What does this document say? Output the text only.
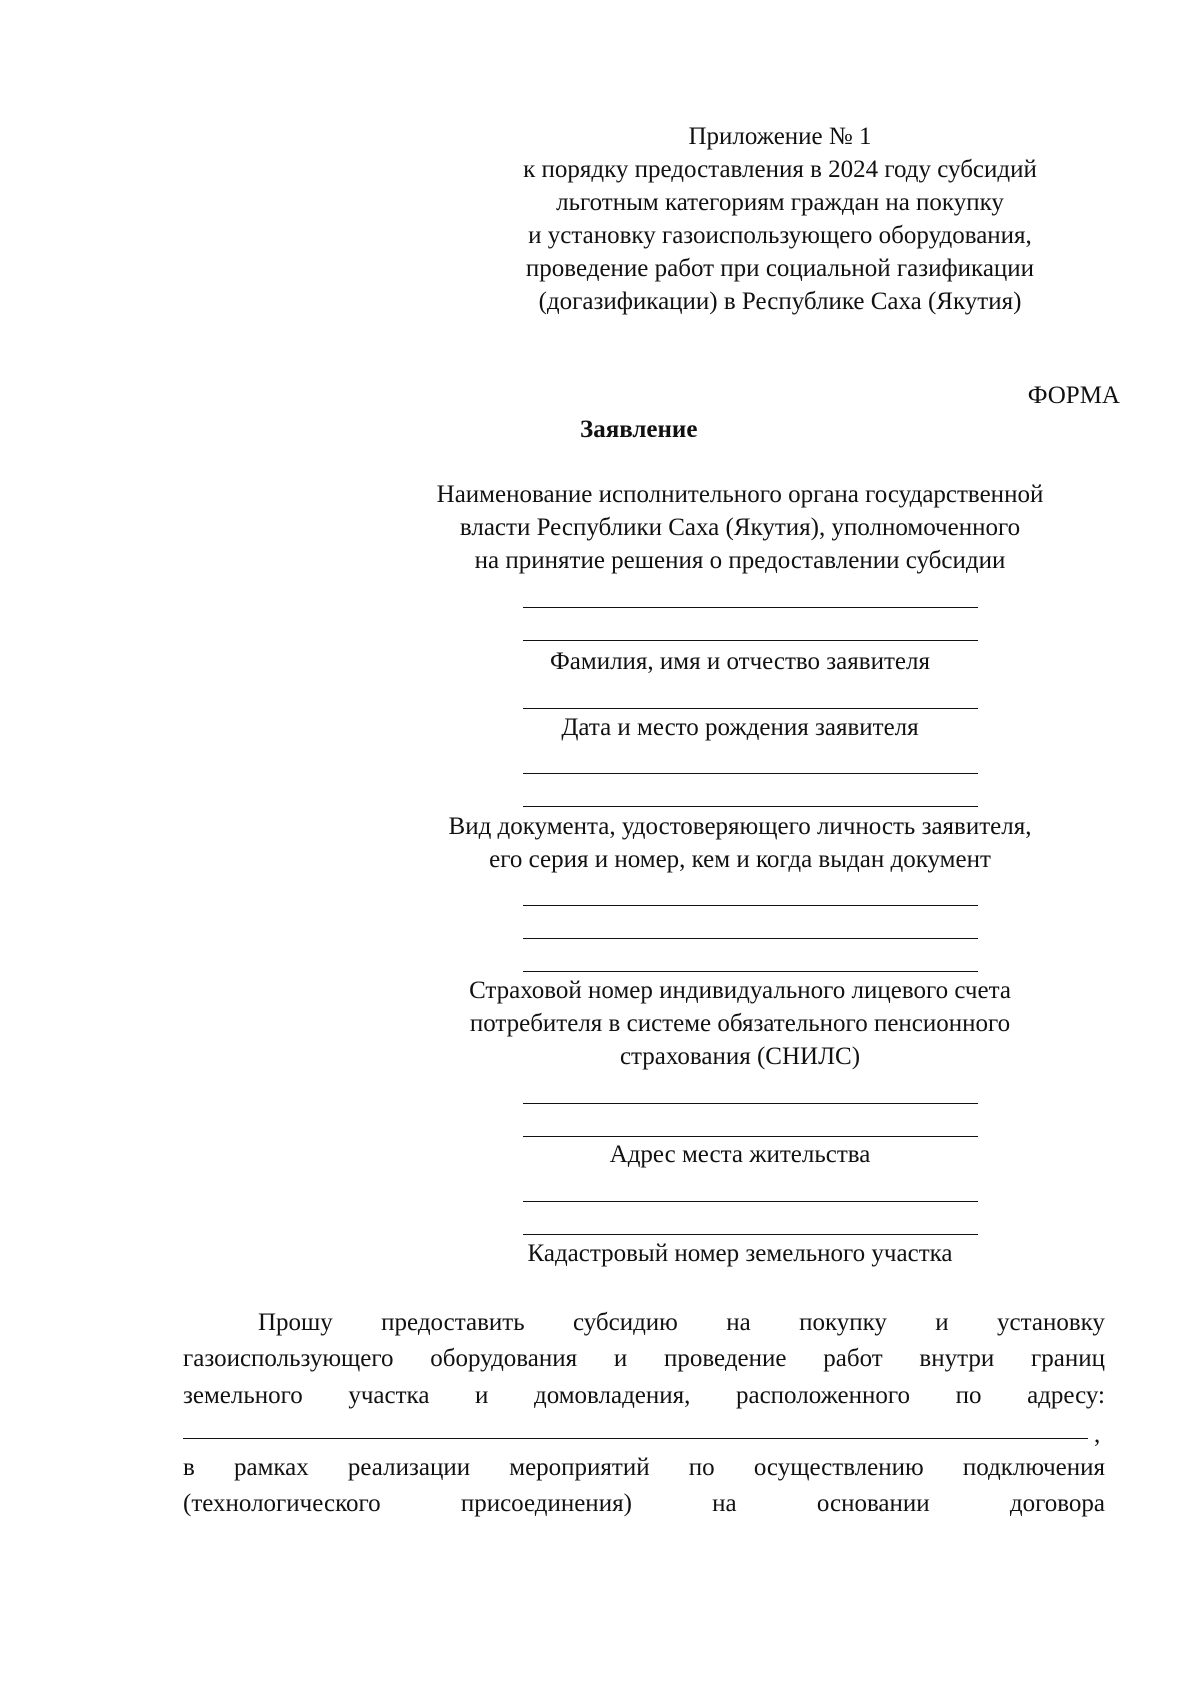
Приложение № 1
к порядку предоставления в 2024 году субсидий
льготным категориям граждан на покупку
и установку газоиспользующего оборудования,
проведение работ при социальной газификации
(догазификации) в Республике Саха (Якутия)
ФОРМА
Заявление
Наименование исполнительного органа государственной
власти Республики Саха (Якутия), уполномоченного
на принятие решения о предоставлении субсидии
Фамилия, имя и отчество заявителя
Дата и место рождения заявителя
Вид документа, удостоверяющего личность заявителя,
его серия и номер, кем и когда выдан документ
Страховой номер индивидуального лицевого счета
потребителя в системе обязательного пенсионного
страхования (СНИЛС)
Адрес места жительства
Кадастровый номер земельного участка
Прошу предоставить субсидию на покупку и установку
газоиспользующего оборудования и проведение работ внутри границ
земельного участка и домовладения, расположенного по адресу:
,
в рамках реализации мероприятий по осуществлению подключения
(технологического	присоединения)	на	основании	договора
